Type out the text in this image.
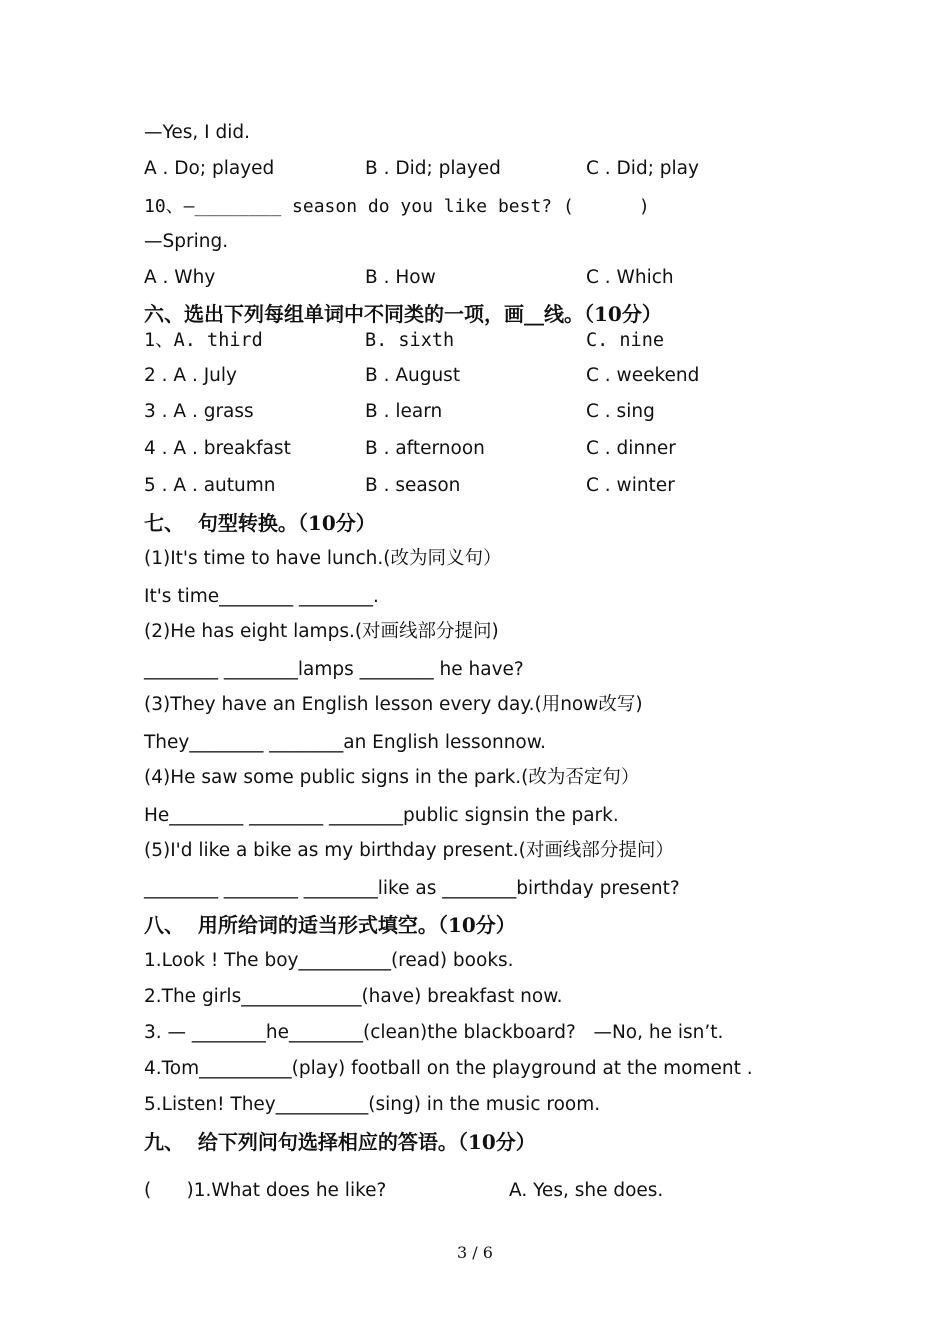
—Yes, I did.
A . Do; played	B . Did; played	C . Did; play
10、—________ season do you like best? (      )
—Spring.
A . Why	B . How	C . Which
六、选出下列每组单词中不同类的一项，画__线。（10分）
1、A. third	B. sixth	C. nine
2 . A . July	B . August	C . weekend
3 . A . grass	B . learn	C . sing
4 . A . breakfast	B . afternoon	C . dinner
5 . A . autumn	B . season	C . winter
七、  句型转换。（10分）
(1)It's time to have lunch.(改为同义句）
It's time________ ________.
(2)He has eight lamps.(对画线部分提问)
________ ________lamps ________ he have?
(3)They have an English lesson every day.(用now改写)
They________ ________an English lessonnow.
(4)He saw some public signs in the park.(改为否定句）
He________ ________ ________public signsin the park.
(5)I'd like a bike as my birthday present.(对画线部分提问）
________ ________ ________like as ________birthday present?
八、  用所给词的适当形式填空。（10分）
1.Look ! The boy__________(read) books.
2.The girls_____________(have) breakfast now.
3. — ________he________(clean)the blackboard?   —No, he isn’t.
4.Tom__________(play) football on the playground at the moment .
5.Listen! They__________(sing) in the music room.
九、  给下列问句选择相应的答语。（10分）
(      )1.What does he like?	A. Yes, she does.
3 / 6
